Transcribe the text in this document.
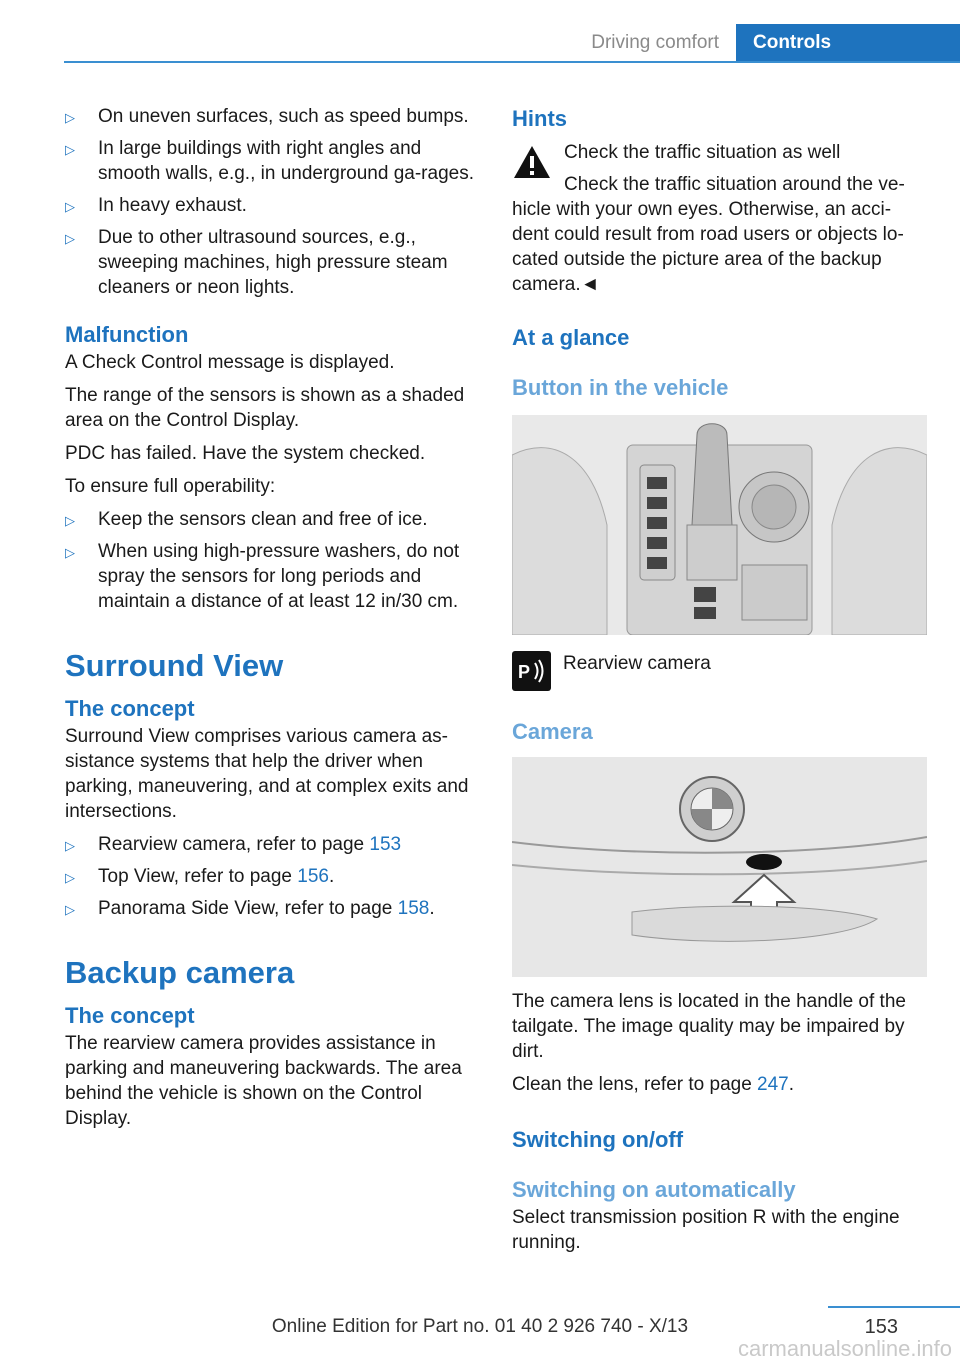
Driving comfort	Controls
▷ On uneven surfaces, such as speed bumps.
▷ In large buildings with right angles and smooth walls, e.g., in underground ga-rages.
▷ In heavy exhaust.
▷ Due to other ultrasound sources, e.g., sweeping machines, high pressure steam cleaners or neon lights.
Malfunction

A Check Control message is displayed.

The range of the sensors is shown as a shaded area on the Control Display.

PDC has failed. Have the system checked.

To ensure full operability:

▷ Keep the sensors clean and free of ice.
▷ When using high-pressure washers, do not spray the sensors for long periods and maintain a distance of at least 12 in/30 cm.
Surround View
The concept

Surround View comprises various camera as-sistance systems that help the driver when parking, maneuvering, and at complex exits and intersections.

▷ Rearview camera, refer to page 153
▷ Top View, refer to page 156.
▷ Panorama Side View, refer to page 158.
Backup camera
The concept

The rearview camera provides assistance in parking and maneuvering backwards. The area behind the vehicle is shown on the Control Display.

Hints

Check the traffic situation as well

Check the traffic situation around the ve-hicle with your own eyes. Otherwise, an acci-dent could result from road users or objects lo-cated outside the picture area of the backup camera.◄

At a glance
Button in the vehicle
P Rearview camera
Camera

The camera lens is located in the handle of the tailgate. The image quality may be impaired by dirt.

Clean the lens, refer to page 247.

Switching on/off
Switching on automatically

Select transmission position R with the engine running.

153
Online Edition for Part no. 01 40 2 926 740 - X/13
carmanualsonline.info
